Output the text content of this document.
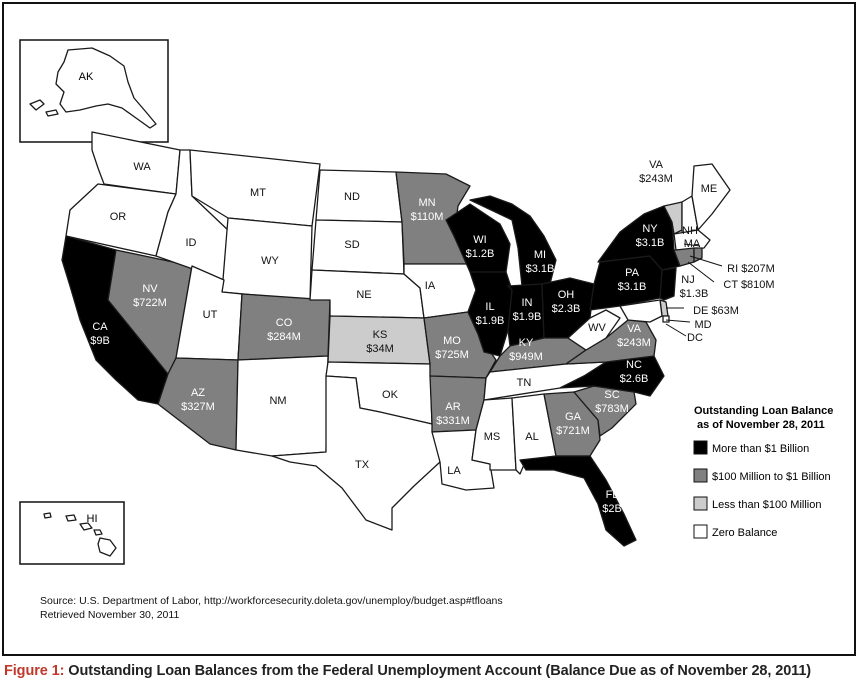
AK
HI
WA
OR
ID
MT
WY
UT
NM
ND
SD
NE
OK
TX
IA
LA
TN
MS AL
WV
ME
NH
MA
MD
DC
CA
$9B
NV
$722M
AZ
$327M
CO
$284M	KS
$34M
MN
$110M
MO
$725M
AR
$331M
WI
$1.2B
IL
$1.9B
MI
$3.1B
IN
$1.9B
OH
$2.3B
KY
$949M
GA
$721M
FL
$2B
SC
$783M
NC
$2.6B
VA
$243M
PA
$3.1B
NY
$3.1B
VA
$243M
NJ
$1.3B
RI $207M
CT $810M
DE $63M
Outstanding Loan Balance
as of November 28, 2011
More than $1 Billion
$100 Million to $1 Billion
Less than $100 Million
Zero Balance
Source: U.S. Department of Labor, http://workforcesecurity.doleta.gov/unemploy/budget.asp#tfloans
Retrieved November 30, 2011
Figure 1: Outstanding Loan Balances from the Federal Unemployment Account (Balance Due as of November 28, 2011)
